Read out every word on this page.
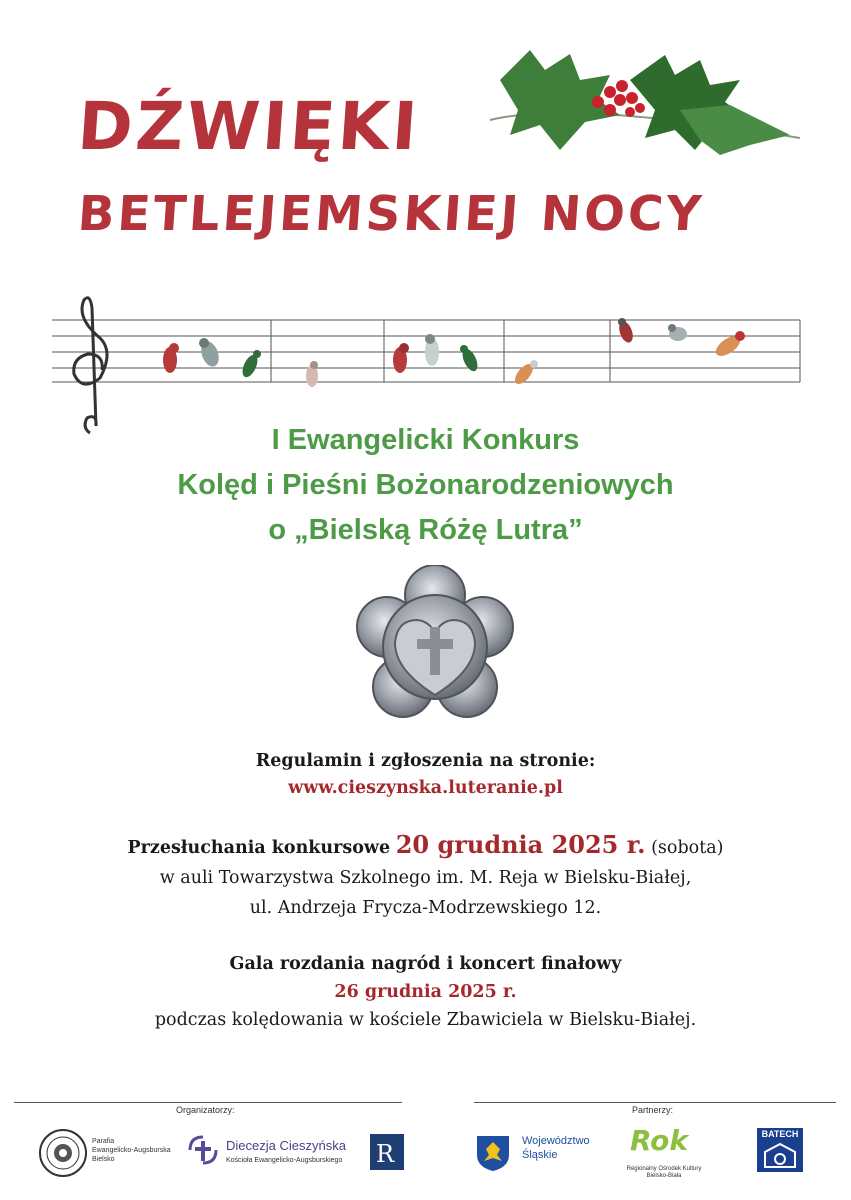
DŹWIĘKI
BETLEJEMSKIEJ NOCY
I Ewangelicki Konkurs
Kolęd i Pieśni Bożonarodzeniowych
o „Bielską Różę Lutra”
Regulamin i zgłoszenia na stronie:
www.cieszynska.luteranie.pl
Przesłuchania konkursowe 20 grudnia 2025 r. (sobota)
w auli Towarzystwa Szkolnego im. M. Reja w Bielsku-Białej,
ul. Andrzeja Frycza-Modrzewskiego 12.
Gala rozdania nagród i koncert finałowy
26 grudnia 2025 r.
podczas kolędowania w kościele Zbawiciela w Bielsku-Białej.
Organizatorzy:	Partnerzy:
Parafia
Ewangelicko-Augsburska
Bielsko
Diecezja Cieszyńska
Kościoła Ewangelicko-Augsburskiego R	Województwo
Śląskie	Rok
Regionalny Ośrodek Kultury
Bielsko-Biała
BATECH
